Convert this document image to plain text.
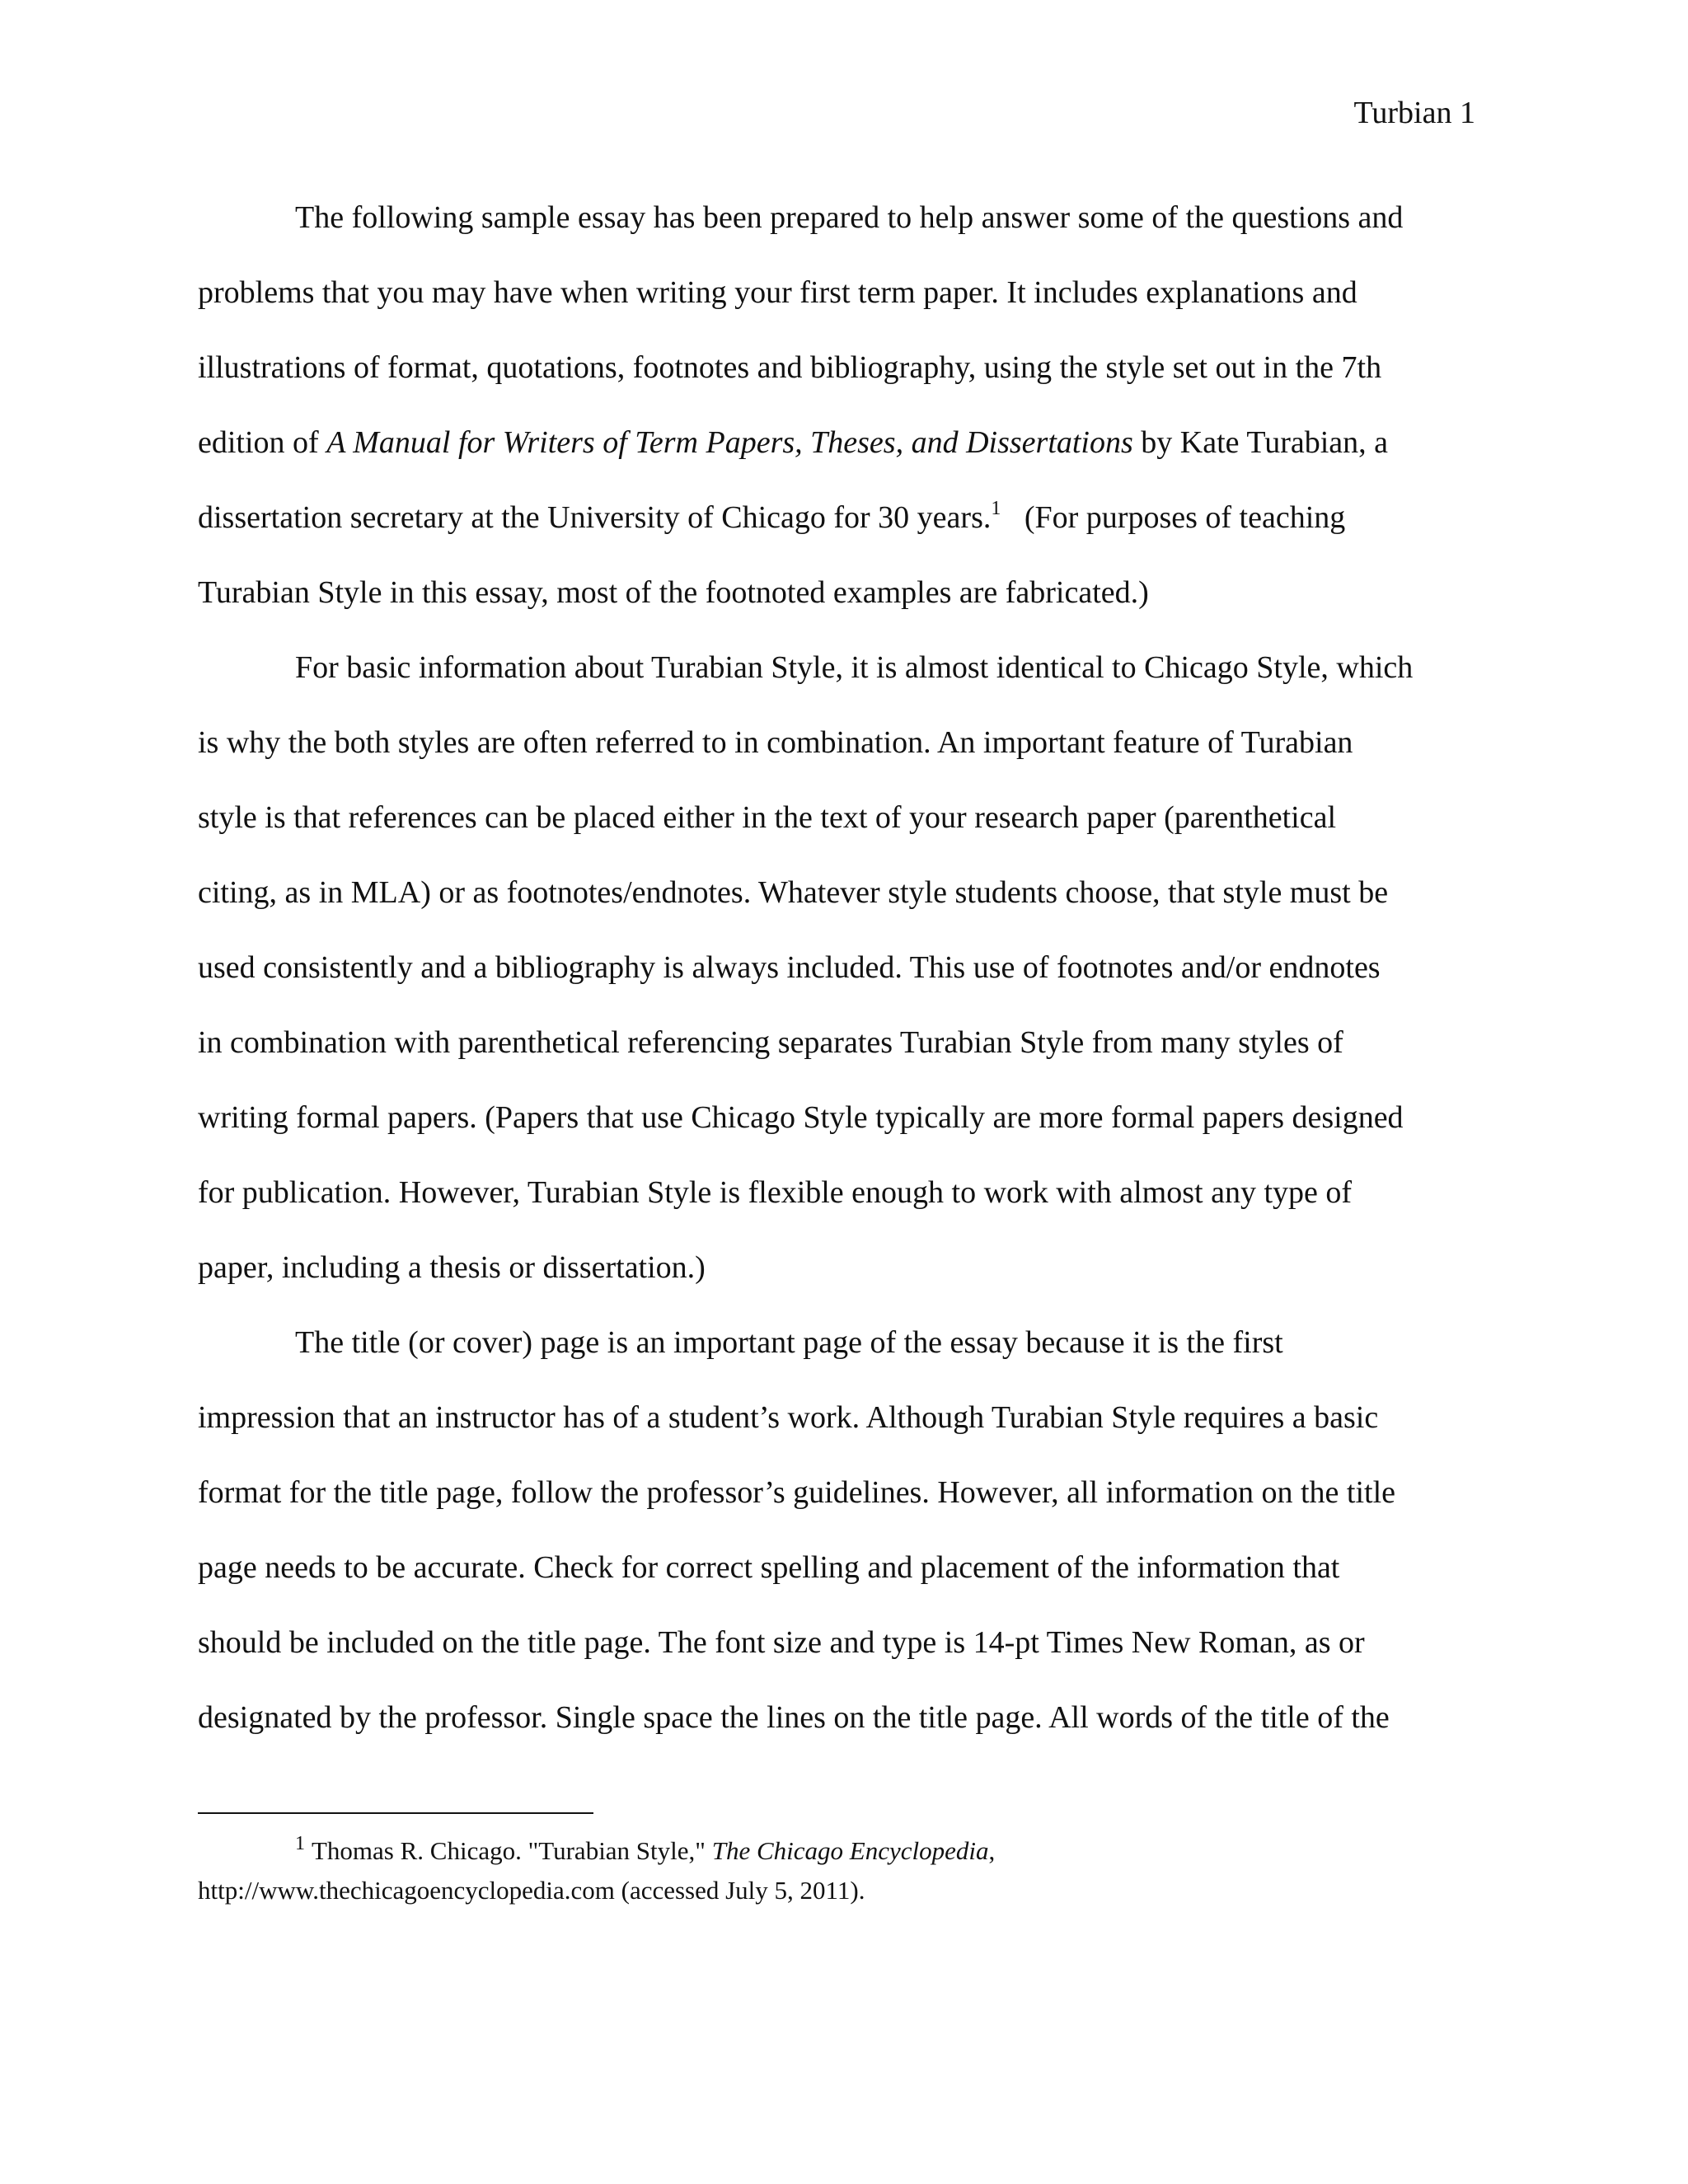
Turbian 1
The following sample essay has been prepared to help answer some of the questions and
problems that you may have when writing your first term paper. It includes explanations and
illustrations of format, quotations, footnotes and bibliography, using the style set out in the 7th
edition of A Manual for Writers of Term Papers, Theses, and Dissertations by Kate Turabian, a
dissertation secretary at the University of Chicago for 30 years.$^1$   (For purposes of teaching
Turabian Style in this essay, most of the footnoted examples are fabricated.)
For basic information about Turabian Style, it is almost identical to Chicago Style, which
is why the both styles are often referred to in combination. An important feature of Turabian
style is that references can be placed either in the text of your research paper (parenthetical
citing, as in MLA) or as footnotes/endnotes. Whatever style students choose, that style must be
used consistently and a bibliography is always included. This use of footnotes and/or endnotes
in combination with parenthetical referencing separates Turabian Style from many styles of
writing formal papers. (Papers that use Chicago Style typically are more formal papers designed
for publication. However, Turabian Style is flexible enough to work with almost any type of
paper, including a thesis or dissertation.)
The title (or cover) page is an important page of the essay because it is the first
impression that an instructor has of a student’s work. Although Turabian Style requires a basic
format for the title page, follow the professor’s guidelines. However, all information on the title
page needs to be accurate. Check for correct spelling and placement of the information that
should be included on the title page. The font size and type is 14-pt Times New Roman, as or
designated by the professor. Single space the lines on the title page. All words of the title of the
$^1$ Thomas R. Chicago. "Turabian Style," The Chicago Encyclopedia,
http://www.thechicagoencyclopedia.com (accessed July 5, 2011).
